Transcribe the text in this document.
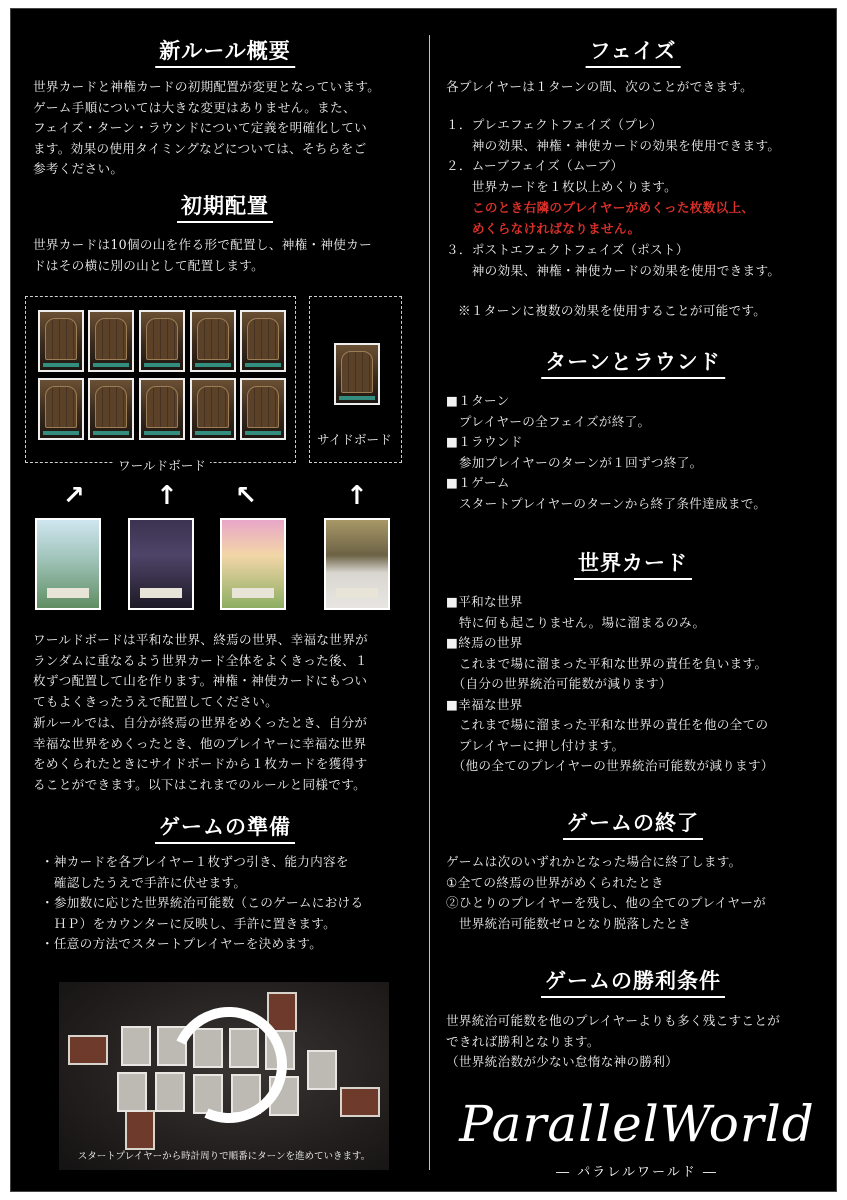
新ルール概要
世界カードと神権カードの初期配置が変更となっています。
ゲーム手順については大きな変更はありません。また、
フェイズ・ターン・ラウンドについて定義を明確化してい
ます。効果の使用タイミングなどについては、そちらをご
参考ください。
初期配置
世界カードは10個の山を作る形で配置し、神権・神使カー
ドはその横に別の山として配置します。
ワールドボード
サイドボード
↗	↑ ↖	↑
ワールドボードは平和な世界、終焉の世界、幸福な世界が
ランダムに重なるよう世界カード全体をよくきった後、１
枚ずつ配置して山を作ります。神権・神使カードにもつい
てもよくきったうえで配置してください。
新ルールでは、自分が終焉の世界をめくったとき、自分が
幸福な世界をめくったとき、他のプレイヤーに幸福な世界
をめくられたときにサイドボードから１枚カードを獲得す
ることができます。以下はこれまでのルールと同様です。
ゲームの準備
・神カードを各プレイヤー１枚ずつ引き、能力内容を
　確認したうえで手許に伏せます。
・参加数に応じた世界統治可能数（このゲームにおける
　ＨＰ）をカウンターに反映し、手許に置きます。
・任意の方法でスタートプレイヤーを決めます。
スタートプレイヤーから時計周りで順番にターンを進めていきます。
フェイズ
各プレイヤーは１ターンの間、次のことができます。
１．プレエフェクトフェイズ（プレ）
　　神の効果、神権・神使カードの効果を使用できます。
２．ムーブフェイズ（ムーブ）
　　世界カードを１枚以上めくります。
このとき右隣のプレイヤーがめくった枚数以上、
めくらなければなりません。
３．ポストエフェクトフェイズ（ポスト）
　　神の効果、神権・神使カードの効果を使用できます。
※１ターンに複数の効果を使用することが可能です。
ターンとラウンド
■１ターン
　プレイヤーの全フェイズが終了。
■１ラウンド
　参加プレイヤーのターンが１回ずつ終了。
■１ゲーム
　スタートプレイヤーのターンから終了条件達成まで。
世界カード
■平和な世界
　特に何も起こりません。場に溜まるのみ。
■終焉の世界
　これまで場に溜まった平和な世界の責任を負います。
　（自分の世界統治可能数が減ります）
■幸福な世界
　これまで場に溜まった平和な世界の責任を他の全ての
　プレイヤーに押し付けます。
　（他の全てのプレイヤーの世界統治可能数が減ります）
ゲームの終了
ゲームは次のいずれかとなった場合に終了します。
①全ての終焉の世界がめくられたとき
②ひとりのプレイヤーを残し、他の全てのプレイヤーが
　世界統治可能数ゼロとなり脱落したとき
ゲームの勝利条件
世界統治可能数を他のプレイヤーよりも多く残こすことが
できれば勝利となります。
（世界統治数が少ない怠惰な神の勝利）
ParallelWorld
― パラレルワールド ―
